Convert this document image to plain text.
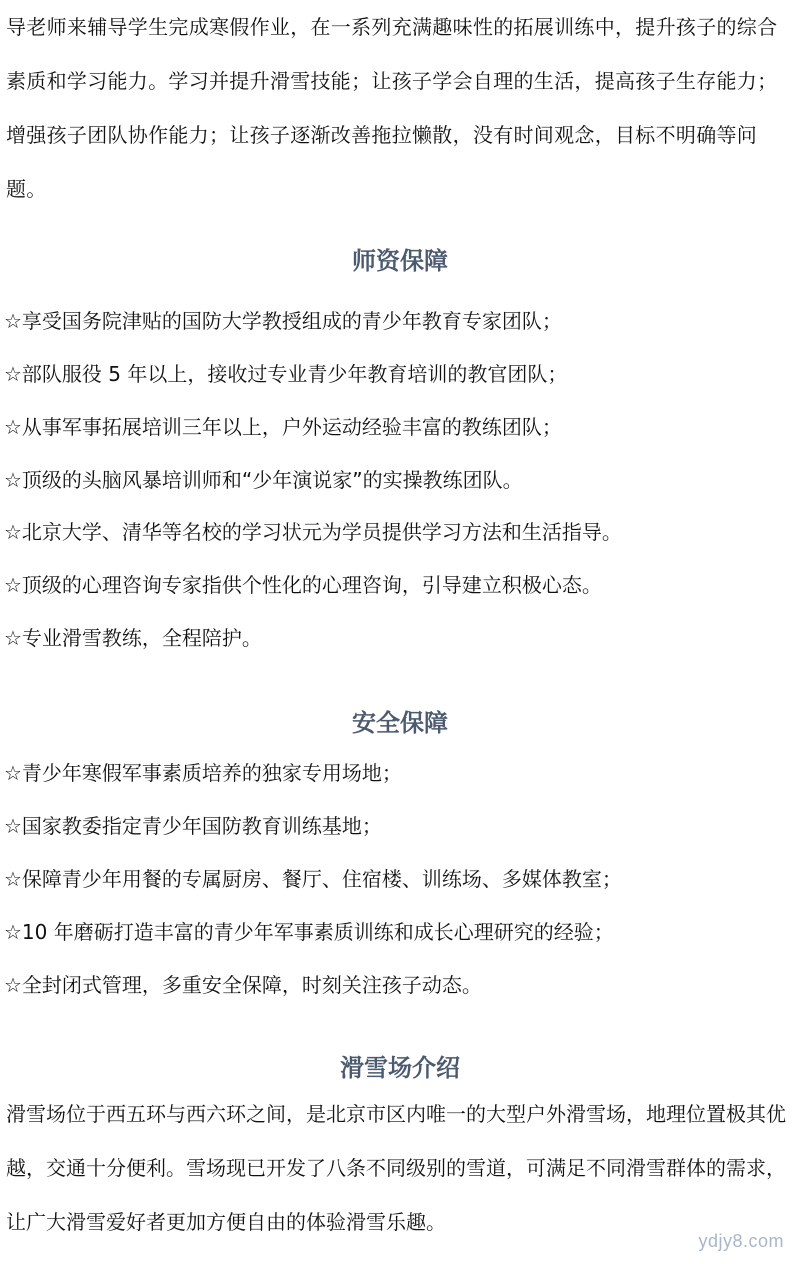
导老师来辅导学生完成寒假作业，在一系列充满趣味性的拓展训练中，提升孩子的综合素质和学习能力。学习并提升滑雪技能；让孩子学会自理的生活，提高孩子生存能力；增强孩子团队协作能力；让孩子逐渐改善拖拉懒散，没有时间观念，目标不明确等问题。

师资保障

☆享受国务院津贴的国防大学教授组成的青少年教育专家团队；

☆部队服役 5 年以上，接收过专业青少年教育培训的教官团队；

☆从事军事拓展培训三年以上，户外运动经验丰富的教练团队；

☆顶级的头脑风暴培训师和“少年演说家”的实操教练团队。

☆北京大学、清华等名校的学习状元为学员提供学习方法和生活指导。

☆顶级的心理咨询专家指供个性化的心理咨询，引导建立积极心态。

☆专业滑雪教练，全程陪护。

安全保障

☆青少年寒假军事素质培养的独家专用场地；

☆国家教委指定青少年国防教育训练基地；

☆保障青少年用餐的专属厨房、餐厅、住宿楼、训练场、多媒体教室；

☆10 年磨砺打造丰富的青少年军事素质训练和成长心理研究的经验；

☆全封闭式管理，多重安全保障，时刻关注孩子动态。

滑雪场介绍

滑雪场位于西五环与西六环之间，是北京市区内唯一的大型户外滑雪场，地理位置极其优越，交通十分便利。雪场现已开发了八条不同级别的雪道，可满足不同滑雪群体的需求，让广大滑雪爱好者更加方便自由的体验滑雪乐趣。

ydjy8.com
